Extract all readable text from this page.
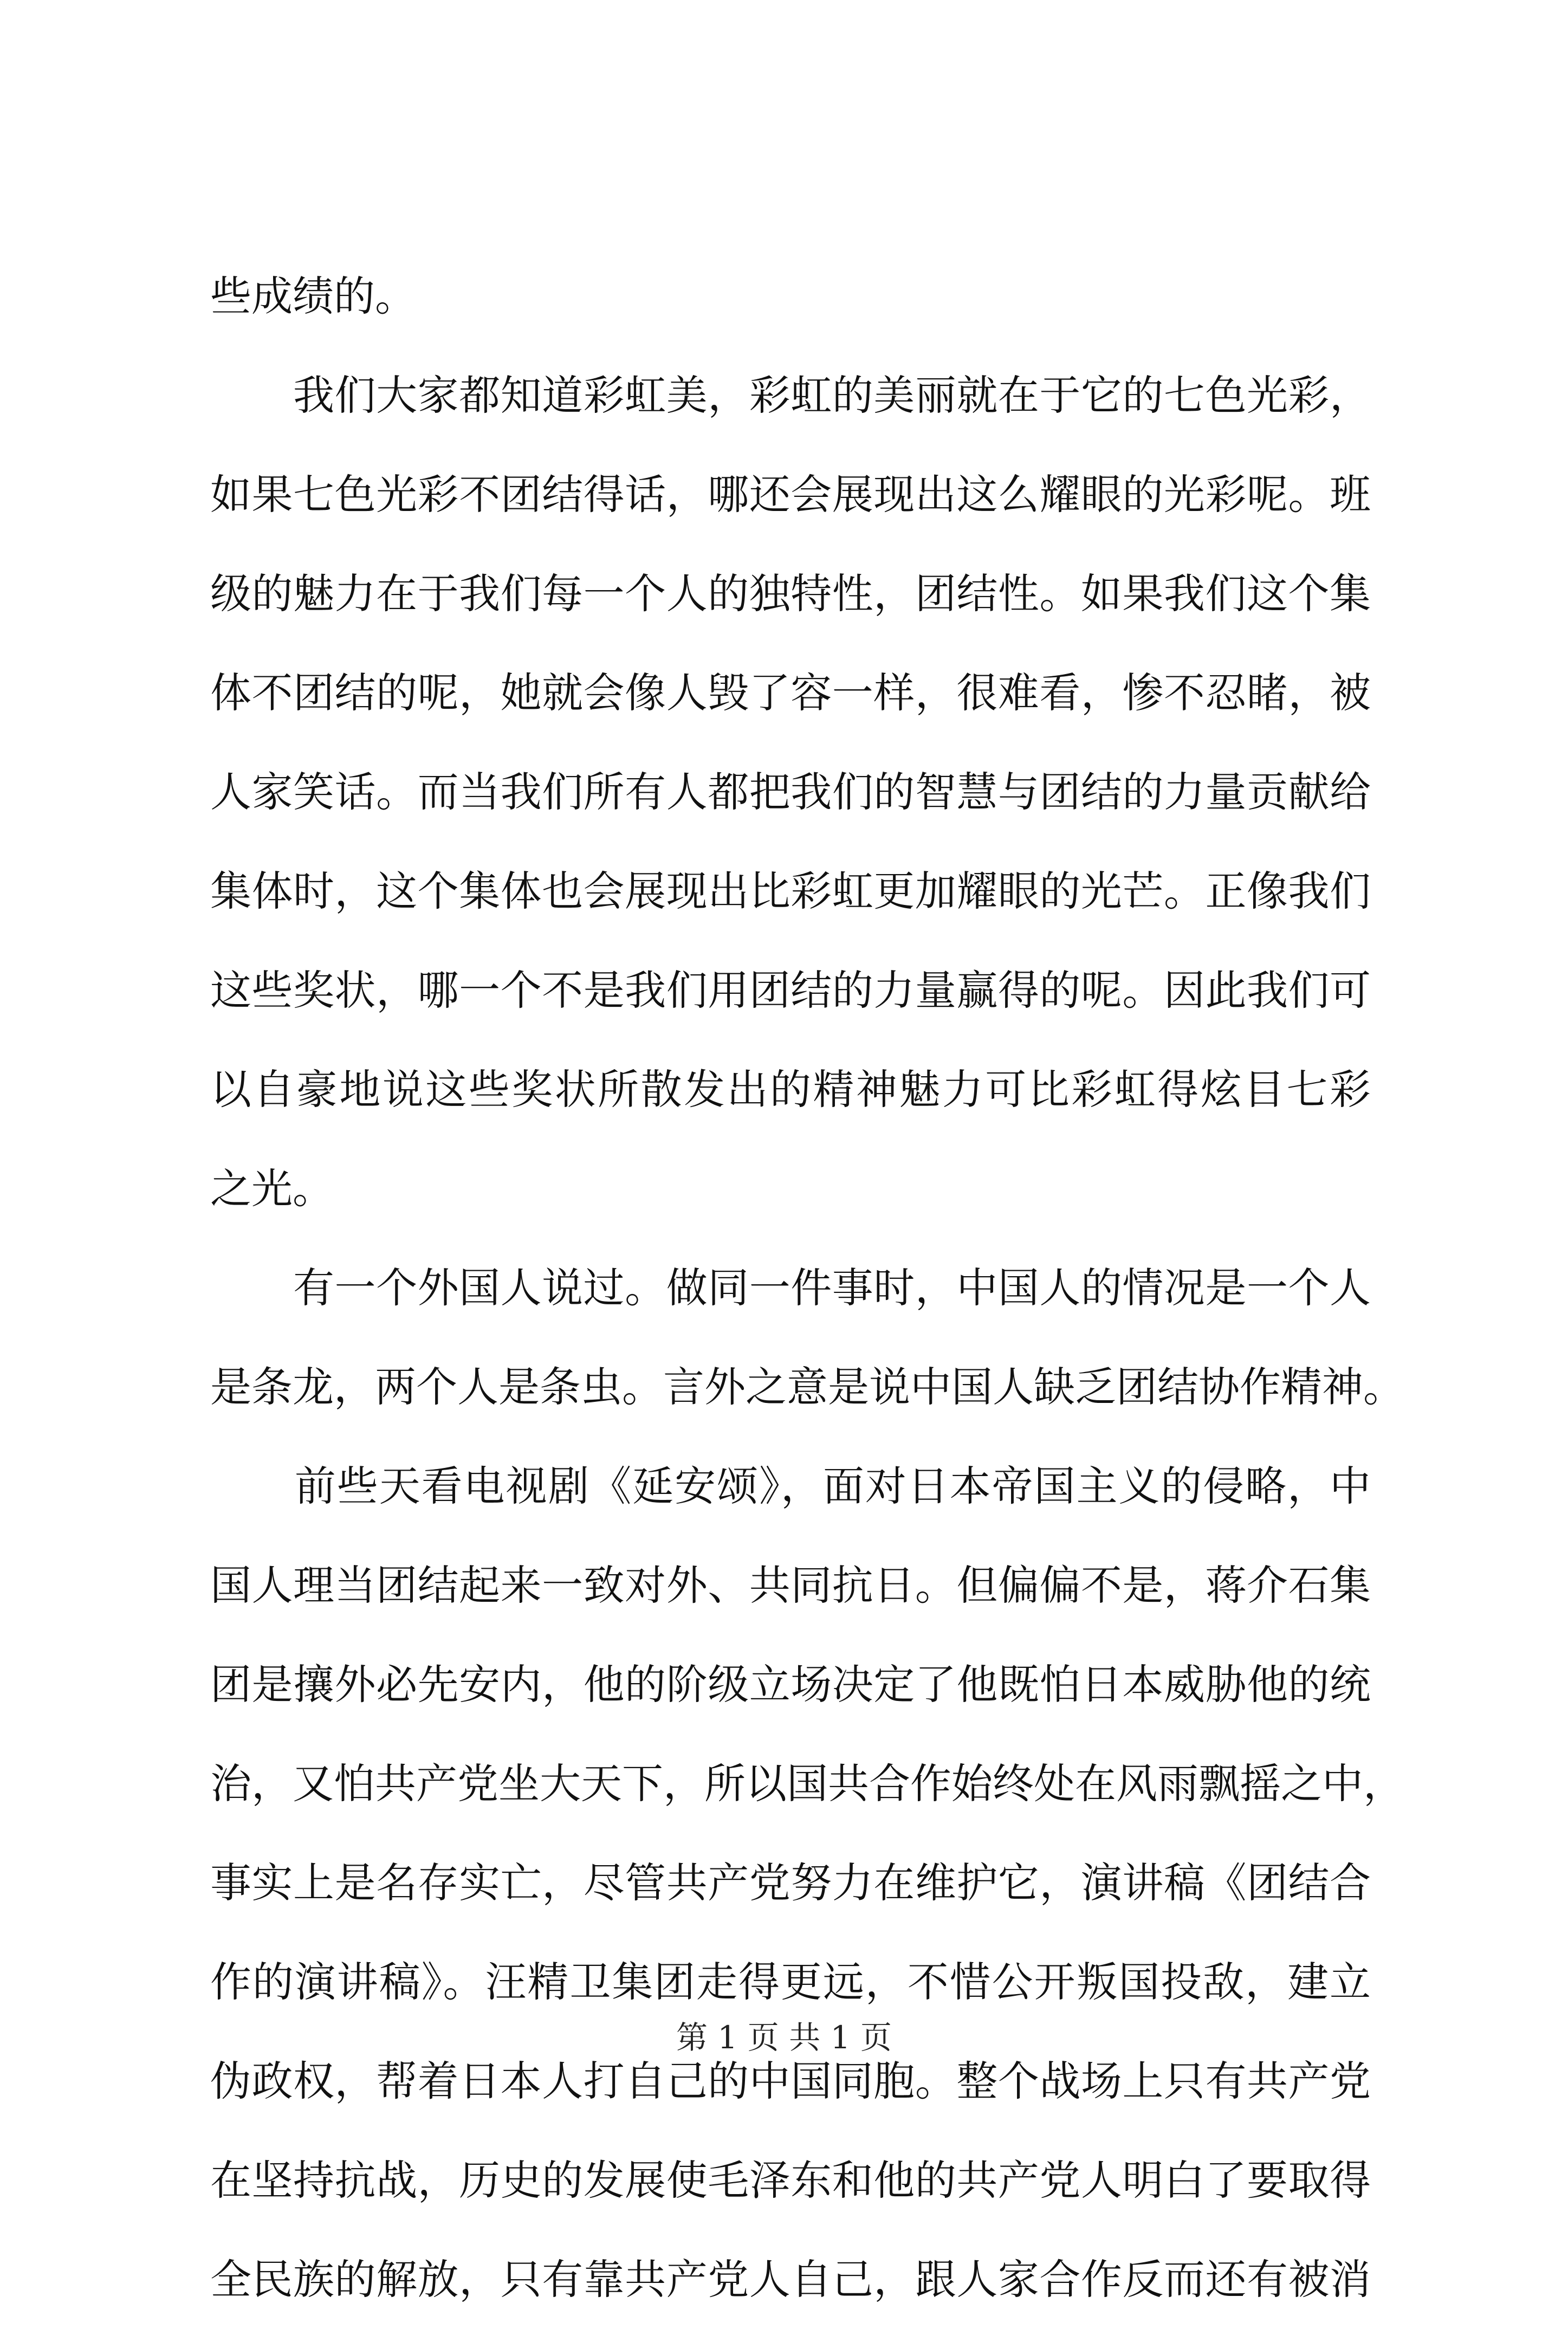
些成绩的。
　　我们大家都知道彩虹美，彩虹的美丽就在于它的七色光彩，
如果七色光彩不团结得话，哪还会展现出这么耀眼的光彩呢。班
级的魅力在于我们每一个人的独特性，团结性。如果我们这个集
体不团结的呢，她就会像人毁了容一样，很难看，惨不忍睹，被
人家笑话。而当我们所有人都把我们的智慧与团结的力量贡献给
集体时，这个集体也会展现出比彩虹更加耀眼的光芒。正像我们
这些奖状，哪一个不是我们用团结的力量赢得的呢。因此我们可
以自豪地说这些奖状所散发出的精神魅力可比彩虹得炫目七彩
之光。
　　有一个外国人说过。做同一件事时，中国人的情况是一个人
是条龙，两个人是条虫。言外之意是说中国人缺乏团结协作精神。
　　前些天看电视剧《延安颂》，面对日本帝国主义的侵略，中
国人理当团结起来一致对外、共同抗日。但偏偏不是，蒋介石集
团是攘外必先安内，他的阶级立场决定了他既怕日本威胁他的统
治，又怕共产党坐大天下，所以国共合作始终处在风雨飘摇之中，
事实上是名存实亡，尽管共产党努力在维护它，演讲稿《团结合
作的演讲稿》。汪精卫集团走得更远，不惜公开叛国投敌，建立
伪政权，帮着日本人打自己的中国同胞。整个战场上只有共产党
在坚持抗战，历史的发展使毛泽东和他的共产党人明白了要取得
全民族的解放，只有靠共产党人自己，跟人家合作反而还有被消
第 1 页 共 1 页
